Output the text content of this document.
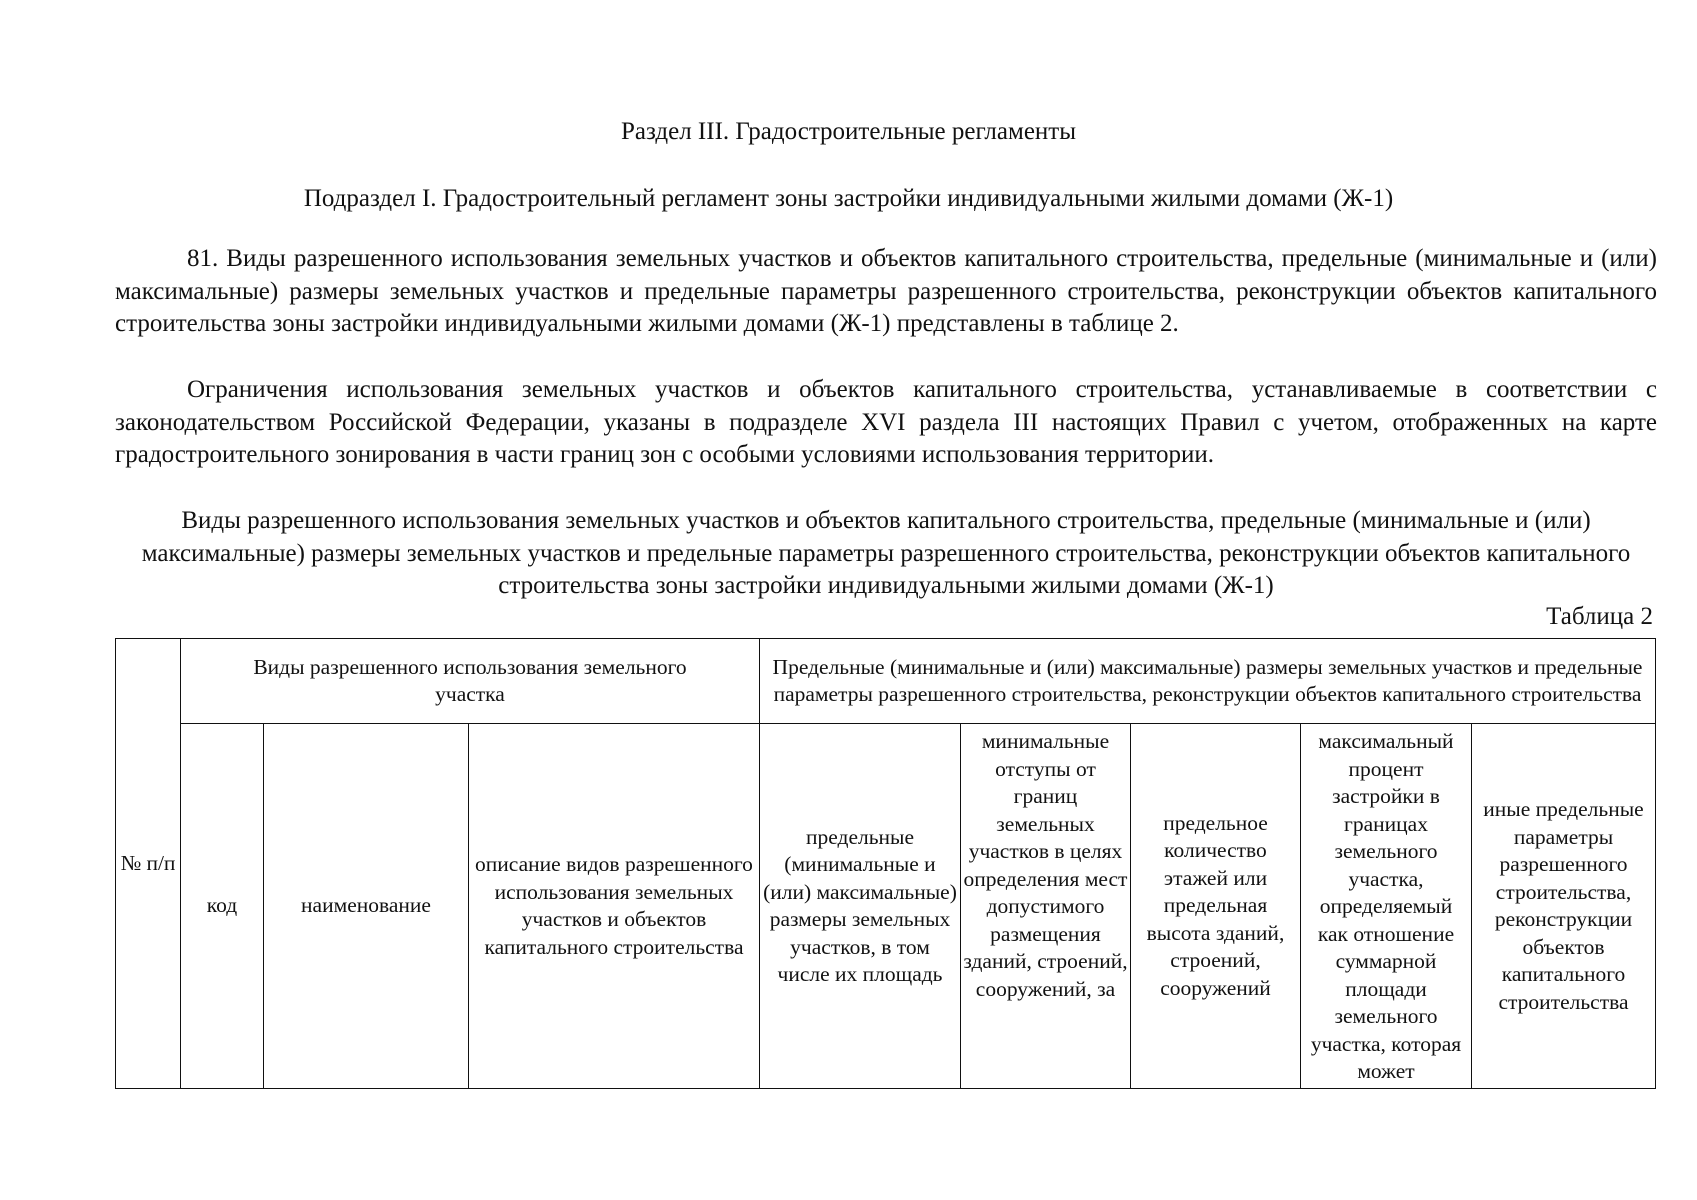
Раздел III. Градостроительные регламенты
Подраздел I. Градостроительный регламент зоны застройки индивидуальными жилыми домами (Ж-1)

81. Виды разрешенного использования земельных участков и объектов капитального строительства, предельные (минимальные и (или) максимальные) размеры земельных участков и предельные параметры разрешенного строительства, реконструкции объектов капитального строительства зоны застройки индивидуальными жилыми домами (Ж-1) представлены в таблице 2.

Ограничения использования земельных участков и объектов капитального строительства, устанавливаемые в соответствии с законодательством Российской Федерации, указаны в подразделе XVI раздела III настоящих Правил с учетом, отображенных на карте градостроительного зонирования в части границ зон с особыми условиями использования территории.

Виды разрешенного использования земельных участков и объектов капитального строительства, предельные (минимальные и (или) максимальные) размеры земельных участков и предельные параметры разрешенного строительства, реконструкции объектов капитального строительства зоны застройки индивидуальными жилыми домами (Ж-1)

Таблица 2
№ п/п	Виды разрешенного использования земельного участка			Предельные (минимальные и (или) максимальные) размеры земельных участков и предельные параметры разрешенного строительства, реконструкции объектов капитального строительства				
	код	наименование	описание видов разрешенного использования земельных участков и объектов капитального строительства	предельные (минимальные и (или) максимальные) размеры земельных участков, в том числе их площадь	минимальные отступы от границ земельных участков в целях определения мест допустимого размещения зданий, строений, сооружений, за	предельное количество этажей или предельная высота зданий, строений, сооружений	максимальный процент застройки в границах земельного участка, определяемый как отношение суммарной площади земельного участка, которая может	иные предельные параметры разрешенного строительства, реконструкции объектов капитального строительства
